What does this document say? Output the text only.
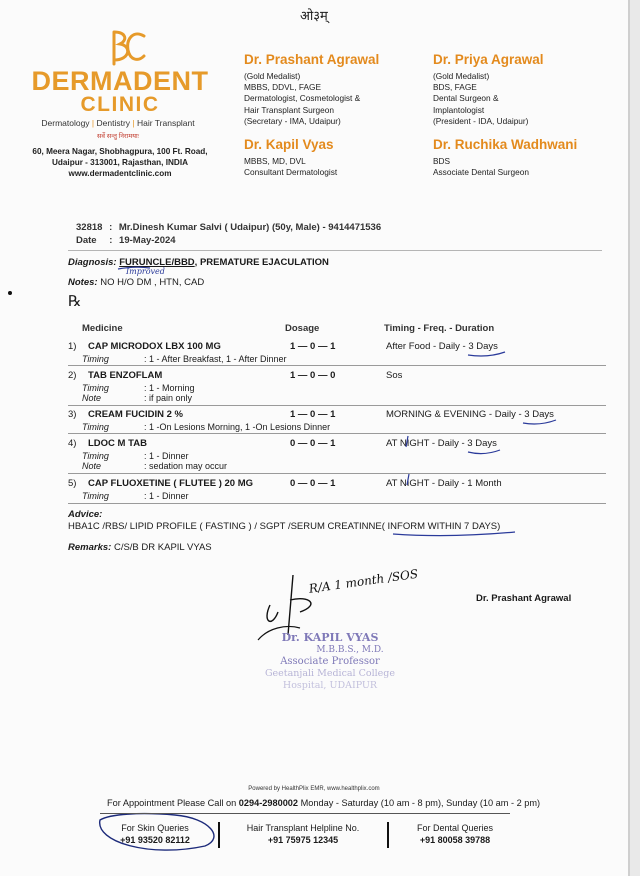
ओ३म्
DERMADENT
CLINIC
Dermatology | Dentistry | Hair Transplant
सर्वे सन्तु निरामयाः
60, Meera Nagar, Shobhagpura, 100 Ft. Road,
Udaipur - 313001, Rajasthan, INDIA
www.dermadentclinic.com
Dr. Prashant Agrawal
(Gold Medalist)
MBBS, DDVL, FAGE
Dermatologist, Cosmetologist &
Hair Transplant Surgeon
(Secretary - IMA, Udaipur)
Dr. Priya Agrawal
(Gold Medalist)
BDS, FAGE
Dental Surgeon &
Implantologist
(President - IDA, Udaipur)
Dr. Kapil Vyas
MBBS, MD, DVL
Consultant Dermatologist
Dr. Ruchika Wadhwani
BDS
Associate Dental Surgeon
32818 : Mr.Dinesh Kumar Salvi ( Udaipur) (50y, Male) - 9414471536
Date : 19-May-2024
Diagnosis: FURUNCLE/BBD, PREMATURE EJACULATION
Improved
Notes: NO H/O DM , HTN, CAD
℞
Medicine	Dosage	Timing - Freq. - Duration
1) CAP MICRODOX LBX 100 MG	1 — 0 — 1	After Food - Daily - 3 Days
Timing	: 1 - After Breakfast, 1 - After Dinner
2) TAB ENZOFLAM	1 — 0 — 0	Sos
Timing	: 1 - Morning
Note	: if pain only
3) CREAM FUCIDIN 2 %	1 — 0 — 1	MORNING & EVENING - Daily - 3 Days
Timing	: 1 -On Lesions Morning, 1 -On Lesions Dinner
4) LDOC M TAB	0 — 0 — 1	AT NIGHT - Daily - 3 Days
Timing	: 1 - Dinner
Note	: sedation may occur
5) CAP FLUOXETINE ( FLUTEE ) 20 MG	0 — 0 — 1	AT NIGHT - Daily - 1 Month
Timing	: 1 - Dinner
Advice:
HBA1C /RBS/ LIPID PROFILE ( FASTING ) / SGPT /SERUM CREATINNE( INFORM WITHIN 7 DAYS)
Remarks: C/S/B DR KAPIL VYAS
R/A 1 month /SOS
Dr. Prashant Agrawal
Dr. KAPIL VYAS
M.B.B.S., M.D.
Associate Professor
Geetanjali Medical College
Hospital, UDAIPUR
Powered by HealthPlix EMR, www.healthplix.com
For Appointment Please Call on 0294-2980002 Monday - Saturday (10 am - 8 pm), Sunday (10 am - 2 pm)
For Skin Queries
+91 93520 82112
Hair Transplant Helpline No.
+91 75975 12345
For Dental Queries
+91 80058 39788
